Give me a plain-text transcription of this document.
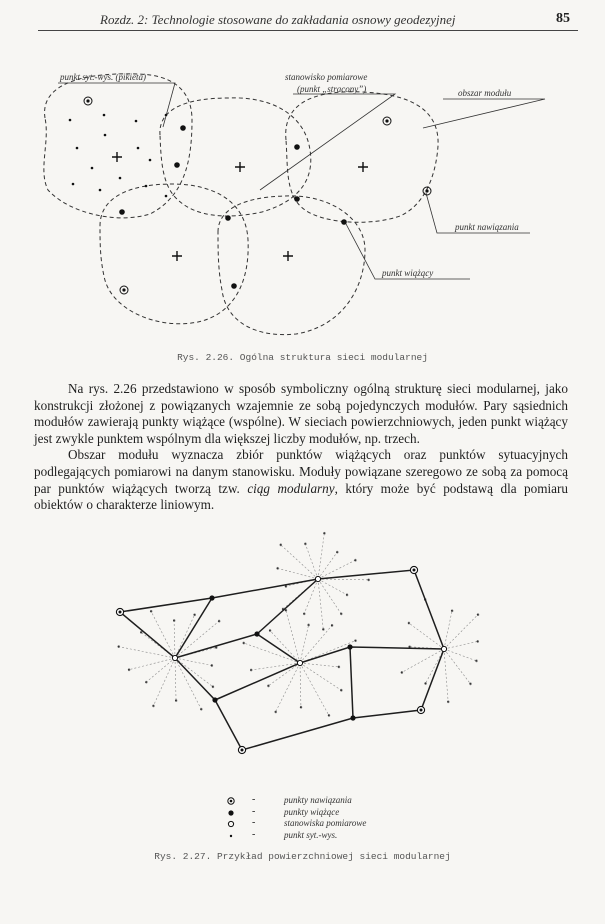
Rozdz. 2: Technologie stosowane do zakładania osnowy geodezyjnej	85
punkt syt.-wys. (pikieta)	stanowisko pomiarowe
(punkt „stracony”)	obszar modułu
punkt nawiązania
punkt wiążący
Rys. 2.26. Ogólna struktura sieci modularnej

Na rys. 2.26 przedstawiono w sposób symboliczny ogólną strukturę sieci modularnej, jako konstrukcji złożonej z powiązanych wzajemnie ze sobą pojedynczych modułów. Pary sąsiednich modułów zawierają punkty wiążące (wspólne). W sieciach powierzchniowych, jeden punkt wiążący jest zwykle punktem wspólnym dla większej liczby modułów, np. trzech.

Obszar modułu wyznacza zbiór punktów wiążących oraz punktów sytuacyjnych podlegających pomiarowi na danym stanowisku. Moduły powiązane szeregowo ze sobą za pomocą par punktów wiążących tworzą tzw. ciąg modularny, który może być podstawą dla pomiaru obiektów o charakterze liniowym.

-	punkty nawiązania
-	punkty wiążące
-	stanowiska pomiarowe
-	punkt syt.-wys.
Rys. 2.27. Przykład powierzchniowej sieci modularnej
